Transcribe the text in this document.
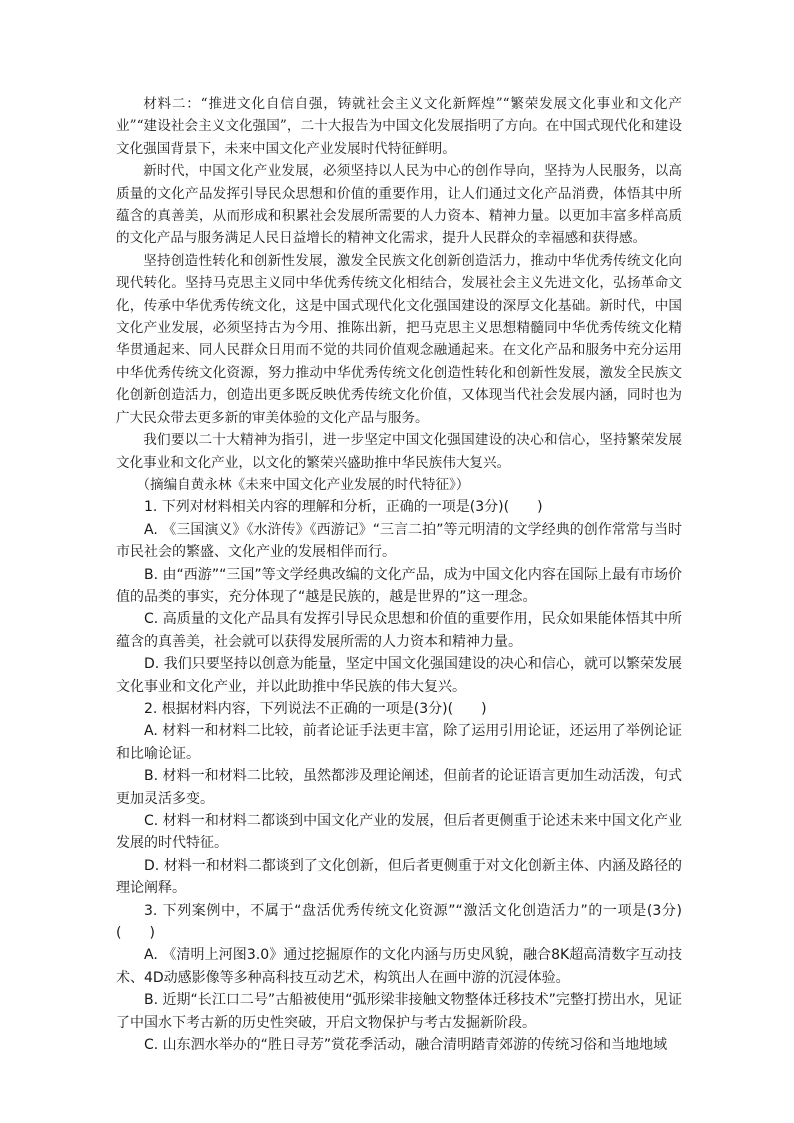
材料二：“推进文化自信自强，铸就社会主义文化新辉煌”“繁荣发展文化事业和文化产业”“建设社会主义文化强国”，二十大报告为中国文化发展指明了方向。在中国式现代化和建设 文化强国背景下，未来中国文化产业发展时代特征鲜明。

新时代，中国文化产业发展，必须坚持以人民为中心的创作导向，坚持为人民服务，以高质量的文化产品发挥引导民众思想和价值的重要作用，让人们通过文化产品消费，体悟其中所蕴含的真善美，从而形成和积累社会发展所需要的人力资本、精神力量。以更加丰富多样高质的文化产品与服务满足人民日益增长的精神文化需求，提升人民群众的幸福感和获得感。

坚持创造性转化和创新性发展，激发全民族文化创新创造活力，推动中华优秀传统文化向现代转化。坚持马克思主义同中华优秀传统文化相结合，发展社会主义先进文化，弘扬革命文化，传承中华优秀传统文化，这是中国式现代化文化强国建设的深厚文化基础。新时代，中国文化产业发展，必须坚持古为今用、推陈出新，把马克思主义思想精髓同中华优秀传统文化精华贯通起来、同人民群众日用而不觉的共同价值观念融通起来。在文化产品和服务中充分运用中华优秀传统文化资源，努力推动中华优秀传统文化创造性转化和创新性发展，激发全民族文化创新创造活力，创造出更多既反映优秀传统文化价值，又体现当代社会发展内涵，同时也为广大民众带去更多新的审美体验的文化产品与服务。

我们要以二十大精神为指引，进一步坚定中国文化强国建设的决心和信心，坚持繁荣发展文化事业和文化产业，以文化的繁荣兴盛助推中华民族伟大复兴。

（摘编自黄永林《未来中国文化产业发展的时代特征》）

1. 下列对材料相关内容的理解和分析，正确的一项是(3分)(　　)

A. 《三国演义》《水浒传》《西游记》“三言二拍”等元明清的文学经典的创作常常与当时市民社会的繁盛、文化产业的发展相伴而行。

B. 由“西游”“三国”等文学经典改编的文化产品，成为中国文化内容在国际上最有市场价值的品类的事实，充分体现了“越是民族的，越是世界的”这一理念。

C. 高质量的文化产品具有发挥引导民众思想和价值的重要作用，民众如果能体悟其中所蕴含的真善美，社会就可以获得发展所需的人力资本和精神力量。

D. 我们只要坚持以创意为能量，坚定中国文化强国建设的决心和信心，就可以繁荣发展文化事业和文化产业，并以此助推中华民族的伟大复兴。

2. 根据材料内容，下列说法不正确的一项是(3分)(　　)

A. 材料一和材料二比较，前者论证手法更丰富，除了运用引用论证，还运用了举例论证和比喻论证。

B. 材料一和材料二比较，虽然都涉及理论阐述，但前者的论证语言更加生动活泼，句式更加灵活多变。

C. 材料一和材料二都谈到中国文化产业的发展，但后者更侧重于论述未来中国文化产业发展的时代特征。

D. 材料一和材料二都谈到了文化创新，但后者更侧重于对文化创新主体、内涵及路径的理论阐释。

3. 下列案例中，不属于“盘活优秀传统文化资源”“激活文化创造活力”的一项是(3分)(　　)

A. 《清明上河图3.0》通过挖掘原作的文化内涵与历史风貌，融合8K超高清数字互动技术、4D动感影像等多种高科技互动艺术，构筑出人在画中游的沉浸体验。

B. 近期“长江口二号”古船被使用“弧形梁非接触文物整体迁移技术”完整打捞出水，见证了中国水下考古新的历史性突破，开启文物保护与考古发掘新阶段。

C. 山东泗水举办的“胜日寻芳”赏花季活动，融合清明踏青郊游的传统习俗和当地地域
